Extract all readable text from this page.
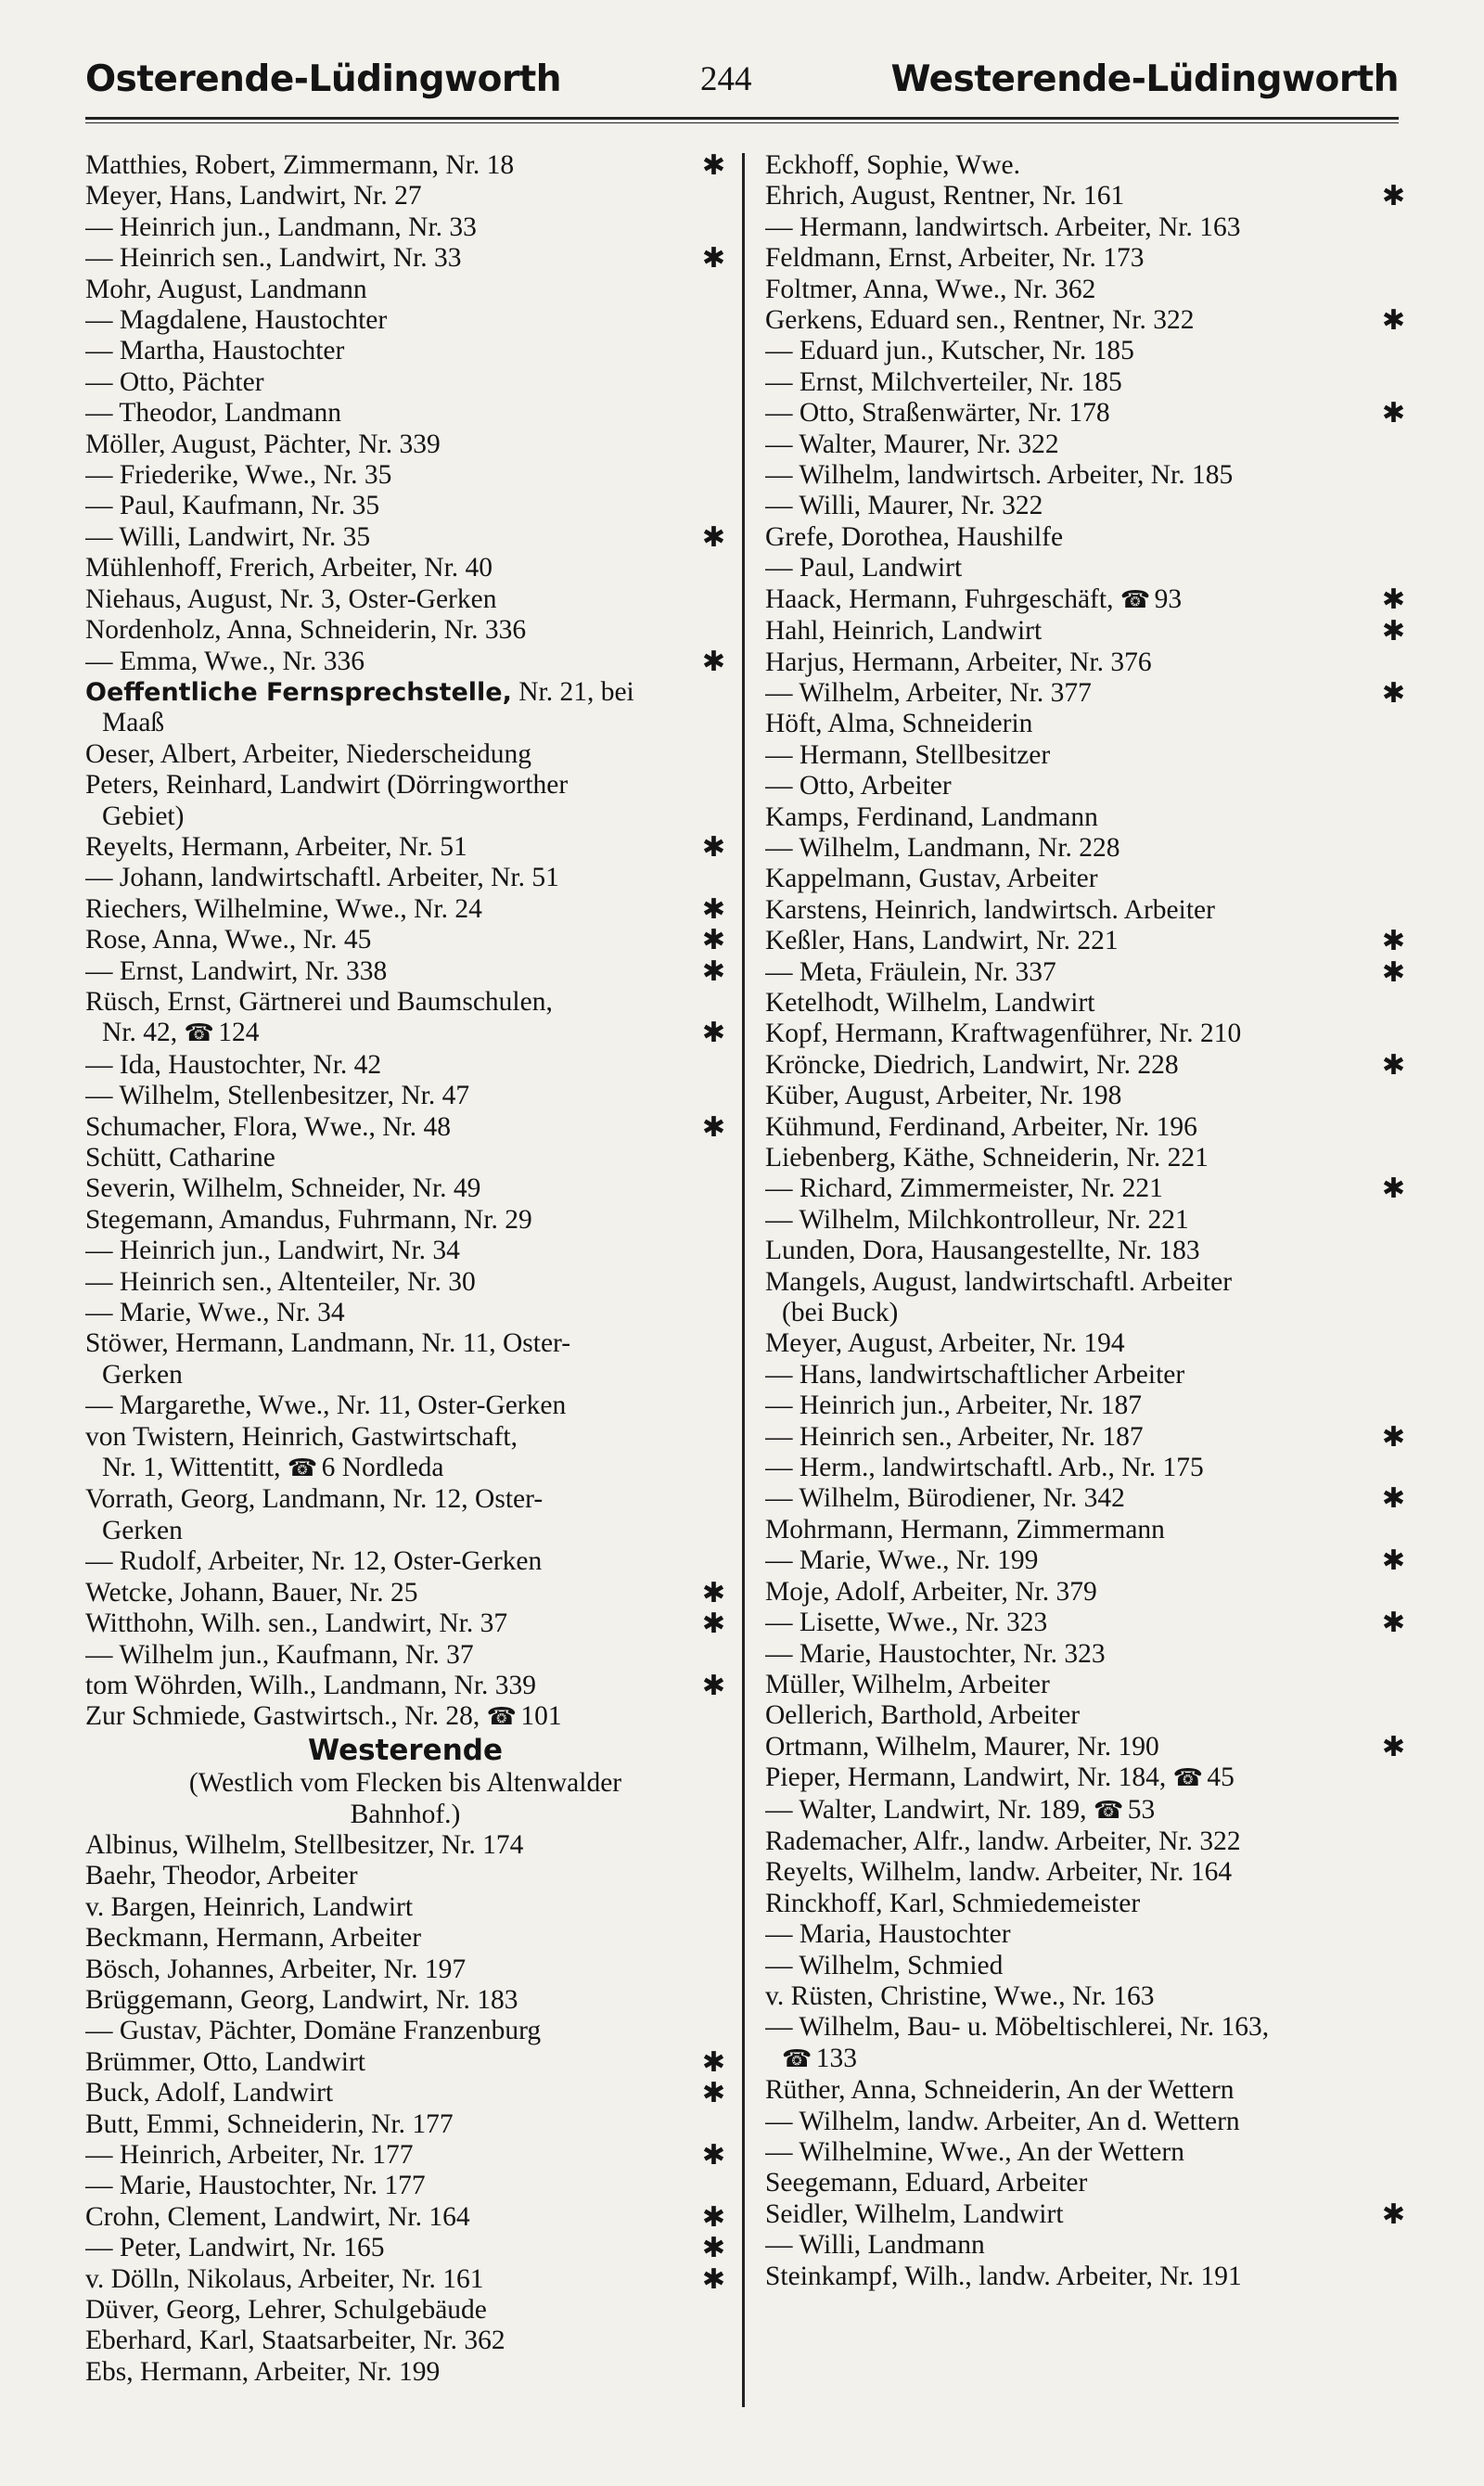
Osterende-Lüdingworth	244	Westerende-Lüdingworth
Matthies, Robert, Zimmermann, Nr. 18	✱
Meyer, Hans, Landwirt, Nr. 27
— Heinrich jun., Landmann, Nr. 33
— Heinrich sen., Landwirt, Nr. 33	✱
Mohr, August, Landmann
— Magdalene, Haustochter
— Martha, Haustochter
— Otto, Pächter
— Theodor, Landmann
Möller, August, Pächter, Nr. 339
— Friederike, Wwe., Nr. 35
— Paul, Kaufmann, Nr. 35
— Willi, Landwirt, Nr. 35	✱
Mühlenhoff, Frerich, Arbeiter, Nr. 40
Niehaus, August, Nr. 3, Oster-Gerken
Nordenholz, Anna, Schneiderin, Nr. 336
— Emma, Wwe., Nr. 336	✱
Oeffentliche Fernsprechstelle, Nr. 21, bei
Maaß
Oeser, Albert, Arbeiter, Niederscheidung
Peters, Reinhard, Landwirt (Dörringworther
Gebiet)
Reyelts, Hermann, Arbeiter, Nr. 51	✱
— Johann, landwirtschaftl. Arbeiter, Nr. 51
Riechers, Wilhelmine, Wwe., Nr. 24	✱
Rose, Anna, Wwe., Nr. 45	✱
— Ernst, Landwirt, Nr. 338	✱
Rüsch, Ernst, Gärtnerei und Baumschulen,
Nr. 42, ☎ 124	✱
— Ida, Haustochter, Nr. 42
— Wilhelm, Stellenbesitzer, Nr. 47
Schumacher, Flora, Wwe., Nr. 48	✱
Schütt, Catharine
Severin, Wilhelm, Schneider, Nr. 49
Stegemann, Amandus, Fuhrmann, Nr. 29
— Heinrich jun., Landwirt, Nr. 34
— Heinrich sen., Altenteiler, Nr. 30
— Marie, Wwe., Nr. 34
Stöwer, Hermann, Landmann, Nr. 11, Oster-
Gerken
— Margarethe, Wwe., Nr. 11, Oster-Gerken
von Twistern, Heinrich, Gastwirtschaft,
Nr. 1, Wittentitt, ☎ 6 Nordleda
Vorrath, Georg, Landmann, Nr. 12, Oster-
Gerken
— Rudolf, Arbeiter, Nr. 12, Oster-Gerken
Wetcke, Johann, Bauer, Nr. 25	✱
Witthohn, Wilh. sen., Landwirt, Nr. 37	✱
— Wilhelm jun., Kaufmann, Nr. 37
tom Wöhrden, Wilh., Landmann, Nr. 339	✱
Zur Schmiede, Gastwirtsch., Nr. 28, ☎ 101
Westerende
(Westlich vom Flecken bis Altenwalder
Bahnhof.)
Albinus, Wilhelm, Stellbesitzer, Nr. 174
Baehr, Theodor, Arbeiter
v. Bargen, Heinrich, Landwirt
Beckmann, Hermann, Arbeiter
Bösch, Johannes, Arbeiter, Nr. 197
Brüggemann, Georg, Landwirt, Nr. 183
— Gustav, Pächter, Domäne Franzenburg
Brümmer, Otto, Landwirt	✱
Buck, Adolf, Landwirt	✱
Butt, Emmi, Schneiderin, Nr. 177
— Heinrich, Arbeiter, Nr. 177	✱
— Marie, Haustochter, Nr. 177
Crohn, Clement, Landwirt, Nr. 164	✱
— Peter, Landwirt, Nr. 165	✱
v. Dölln, Nikolaus, Arbeiter, Nr. 161	✱
Düver, Georg, Lehrer, Schulgebäude
Eberhard, Karl, Staatsarbeiter, Nr. 362
Ebs, Hermann, Arbeiter, Nr. 199
Eckhoff, Sophie, Wwe.
Ehrich, August, Rentner, Nr. 161	✱
— Hermann, landwirtsch. Arbeiter, Nr. 163
Feldmann, Ernst, Arbeiter, Nr. 173
Foltmer, Anna, Wwe., Nr. 362
Gerkens, Eduard sen., Rentner, Nr. 322	✱
— Eduard jun., Kutscher, Nr. 185
— Ernst, Milchverteiler, Nr. 185
— Otto, Straßenwärter, Nr. 178	✱
— Walter, Maurer, Nr. 322
— Wilhelm, landwirtsch. Arbeiter, Nr. 185
— Willi, Maurer, Nr. 322
Grefe, Dorothea, Haushilfe
— Paul, Landwirt
Haack, Hermann, Fuhrgeschäft, ☎ 93	✱
Hahl, Heinrich, Landwirt	✱
Harjus, Hermann, Arbeiter, Nr. 376
— Wilhelm, Arbeiter, Nr. 377	✱
Höft, Alma, Schneiderin
— Hermann, Stellbesitzer
— Otto, Arbeiter
Kamps, Ferdinand, Landmann
— Wilhelm, Landmann, Nr. 228
Kappelmann, Gustav, Arbeiter
Karstens, Heinrich, landwirtsch. Arbeiter
Keßler, Hans, Landwirt, Nr. 221	✱
— Meta, Fräulein, Nr. 337	✱
Ketelhodt, Wilhelm, Landwirt
Kopf, Hermann, Kraftwagenführer, Nr. 210
Kröncke, Diedrich, Landwirt, Nr. 228	✱
Küber, August, Arbeiter, Nr. 198
Kühmund, Ferdinand, Arbeiter, Nr. 196
Liebenberg, Käthe, Schneiderin, Nr. 221
— Richard, Zimmermeister, Nr. 221	✱
— Wilhelm, Milchkontrolleur, Nr. 221
Lunden, Dora, Hausangestellte, Nr. 183
Mangels, August, landwirtschaftl. Arbeiter
(bei Buck)
Meyer, August, Arbeiter, Nr. 194
— Hans, landwirtschaftlicher Arbeiter
— Heinrich jun., Arbeiter, Nr. 187
— Heinrich sen., Arbeiter, Nr. 187	✱
— Herm., landwirtschaftl. Arb., Nr. 175
— Wilhelm, Bürodiener, Nr. 342	✱
Mohrmann, Hermann, Zimmermann
— Marie, Wwe., Nr. 199	✱
Moje, Adolf, Arbeiter, Nr. 379
— Lisette, Wwe., Nr. 323	✱
— Marie, Haustochter, Nr. 323
Müller, Wilhelm, Arbeiter
Oellerich, Barthold, Arbeiter
Ortmann, Wilhelm, Maurer, Nr. 190	✱
Pieper, Hermann, Landwirt, Nr. 184, ☎ 45
— Walter, Landwirt, Nr. 189, ☎ 53
Rademacher, Alfr., landw. Arbeiter, Nr. 322
Reyelts, Wilhelm, landw. Arbeiter, Nr. 164
Rinckhoff, Karl, Schmiedemeister
— Maria, Haustochter
— Wilhelm, Schmied
v. Rüsten, Christine, Wwe., Nr. 163
— Wilhelm, Bau- u. Möbeltischlerei, Nr. 163,
☎ 133
Rüther, Anna, Schneiderin, An der Wettern
— Wilhelm, landw. Arbeiter, An d. Wettern
— Wilhelmine, Wwe., An der Wettern
Seegemann, Eduard, Arbeiter
Seidler, Wilhelm, Landwirt	✱
— Willi, Landmann
Steinkampf, Wilh., landw. Arbeiter, Nr. 191
